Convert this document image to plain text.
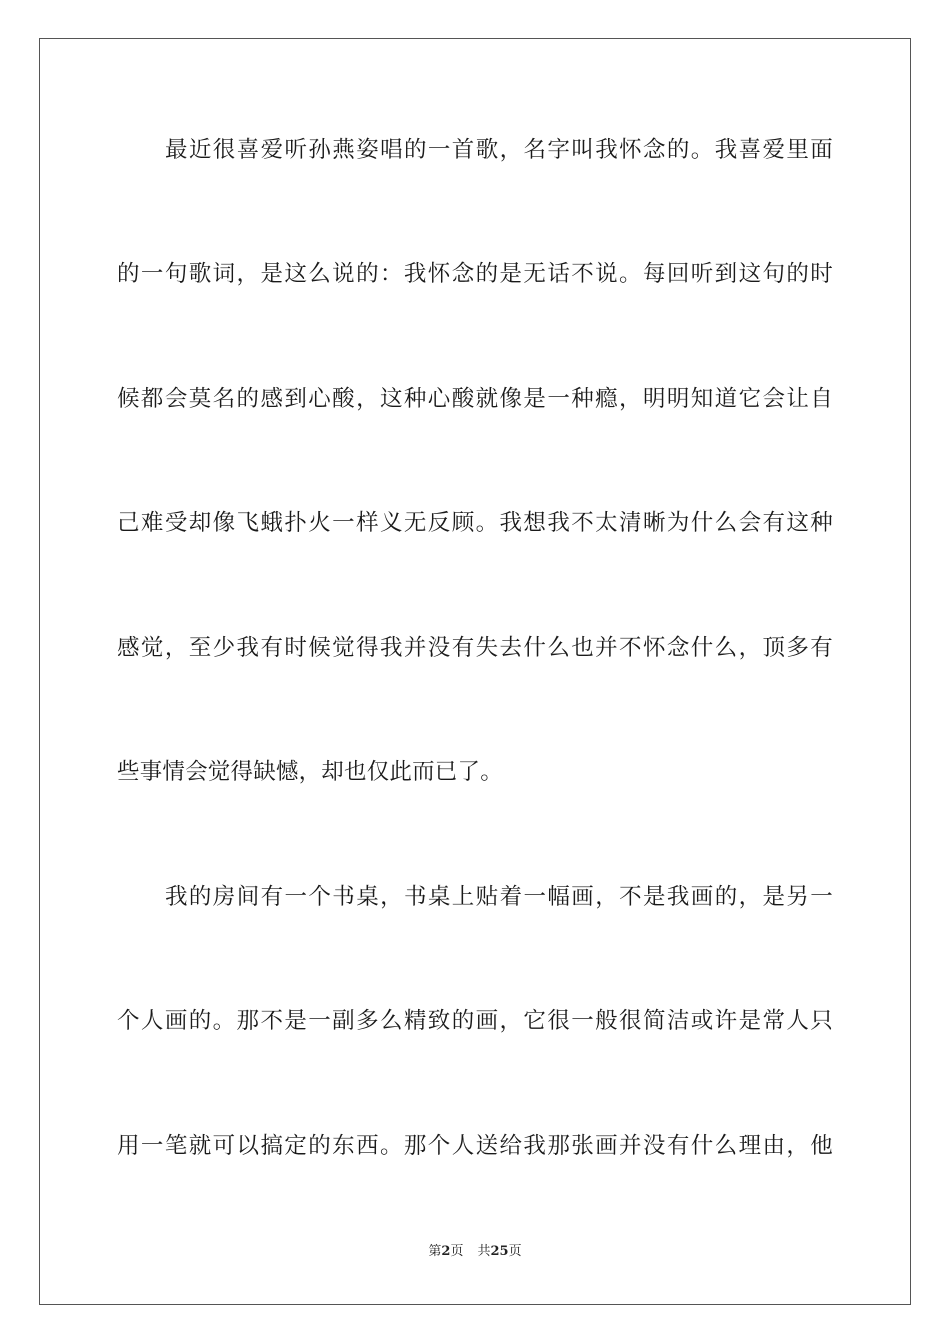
最近很喜爱听孙燕姿唱的一首歌，名字叫我怀念的。我喜爱里面
的一句歌词，是这么说的：我怀念的是无话不说。每回听到这句的时
候都会莫名的感到心酸，这种心酸就像是一种瘾，明明知道它会让自
己难受却像飞蛾扑火一样义无反顾。我想我不太清晰为什么会有这种
感觉，至少我有时候觉得我并没有失去什么也并不怀念什么，顶多有
些事情会觉得缺憾，却也仅此而已了。
我的房间有一个书桌，书桌上贴着一幅画，不是我画的，是另一
个人画的。那不是一副多么精致的画，它很一般很简洁或许是常人只
用一笔就可以搞定的东西。那个人送给我那张画并没有什么理由，他
第2页 共25页
